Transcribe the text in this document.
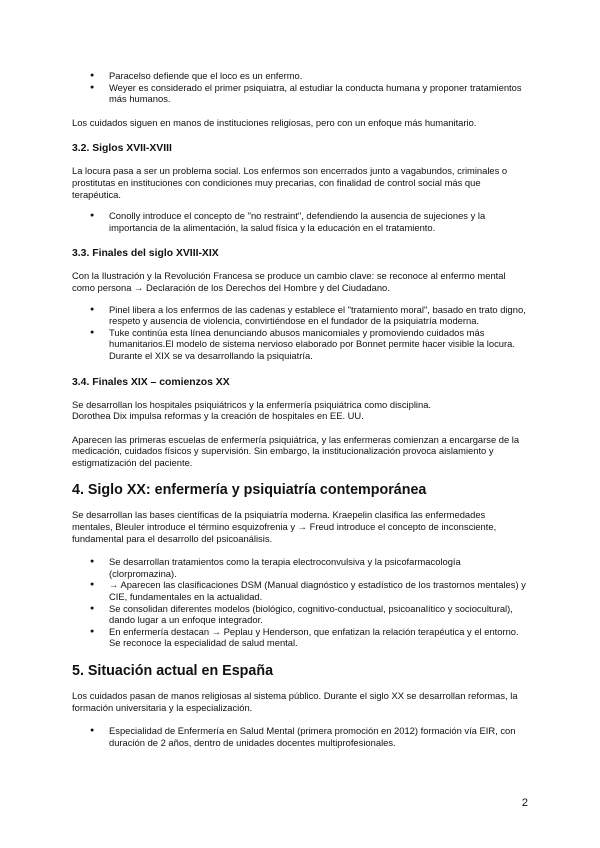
● Paracelso defiende que el loco es un enfermo.
● Weyer es considerado el primer psiquiatra, al estudiar la conducta humana y proponer tratamientos más humanos.

Los cuidados siguen en manos de instituciones religiosas, pero con un enfoque más humanitario.

3.2. Siglos XVII-XVIII

La locura pasa a ser un problema social. Los enfermos son encerrados junto a vagabundos, criminales o prostitutas en instituciones con condiciones muy precarias, con finalidad de control social más que terapéutica.

● Conolly introduce el concepto de "no restraint", defendiendo la ausencia de sujeciones y la importancia de la alimentación, la salud física y la educación en el tratamiento.

3.3. Finales del siglo XVIII-XIX

Con la Ilustración y la Revolución Francesa se produce un cambio clave: se reconoce al enfermo mental como persona → Declaración de los Derechos del Hombre y del Ciudadano.

● Pinel libera a los enfermos de las cadenas y establece el "tratamiento moral", basado en trato digno, respeto y ausencia de violencia, convirtiéndose en el fundador de la psiquiatría moderna.
● Tuke continúa esta línea denunciando abusos manicomiales y promoviendo cuidados más humanitarios.El modelo de sistema nervioso elaborado por Bonnet permite hacer visible la locura. Durante el XIX se va desarrollando la psiquiatría.

3.4. Finales XIX – comienzos XX

Se desarrollan los hospitales psiquiátricos y la enfermería psiquiátrica como disciplina.

Dorothea Dix impulsa reformas y la creación de hospitales en EE. UU.

Aparecen las primeras escuelas de enfermería psiquiátrica, y las enfermeras comienzan a encargarse de la medicación, cuidados físicos y supervisión. Sin embargo, la institucionalización provoca aislamiento y estigmatización del paciente.

4. Siglo XX: enfermería y psiquiatría contemporánea

Se desarrollan las bases científicas de la psiquiatría moderna. Kraepelin clasifica las enfermedades mentales, Bleuler introduce el término esquizofrenia y → Freud introduce el concepto de inconsciente, fundamental para el desarrollo del psicoanálisis.

● Se desarrollan tratamientos como la terapia electroconvulsiva y la psicofarmacología (clorpromazina).
● → Aparecen las clasificaciones DSM (Manual diagnóstico y estadístico de los trastornos mentales) y CIE, fundamentales en la actualidad.
● Se consolidan diferentes modelos (biológico, cognitivo-conductual, psicoanalítico y sociocultural), dando lugar a un enfoque integrador.
● En enfermería destacan → Peplau y Henderson, que enfatizan la relación terapéutica y el entorno. Se reconoce la especialidad de salud mental.

5. Situación actual en España

Los cuidados pasan de manos religiosas al sistema público. Durante el siglo XX se desarrollan reformas, la formación universitaria y la especialización.

● Especialidad de Enfermería en Salud Mental (primera promoción en 2012) formación vía EIR, con duración de 2 años, dentro de unidades docentes multiprofesionales.
2
